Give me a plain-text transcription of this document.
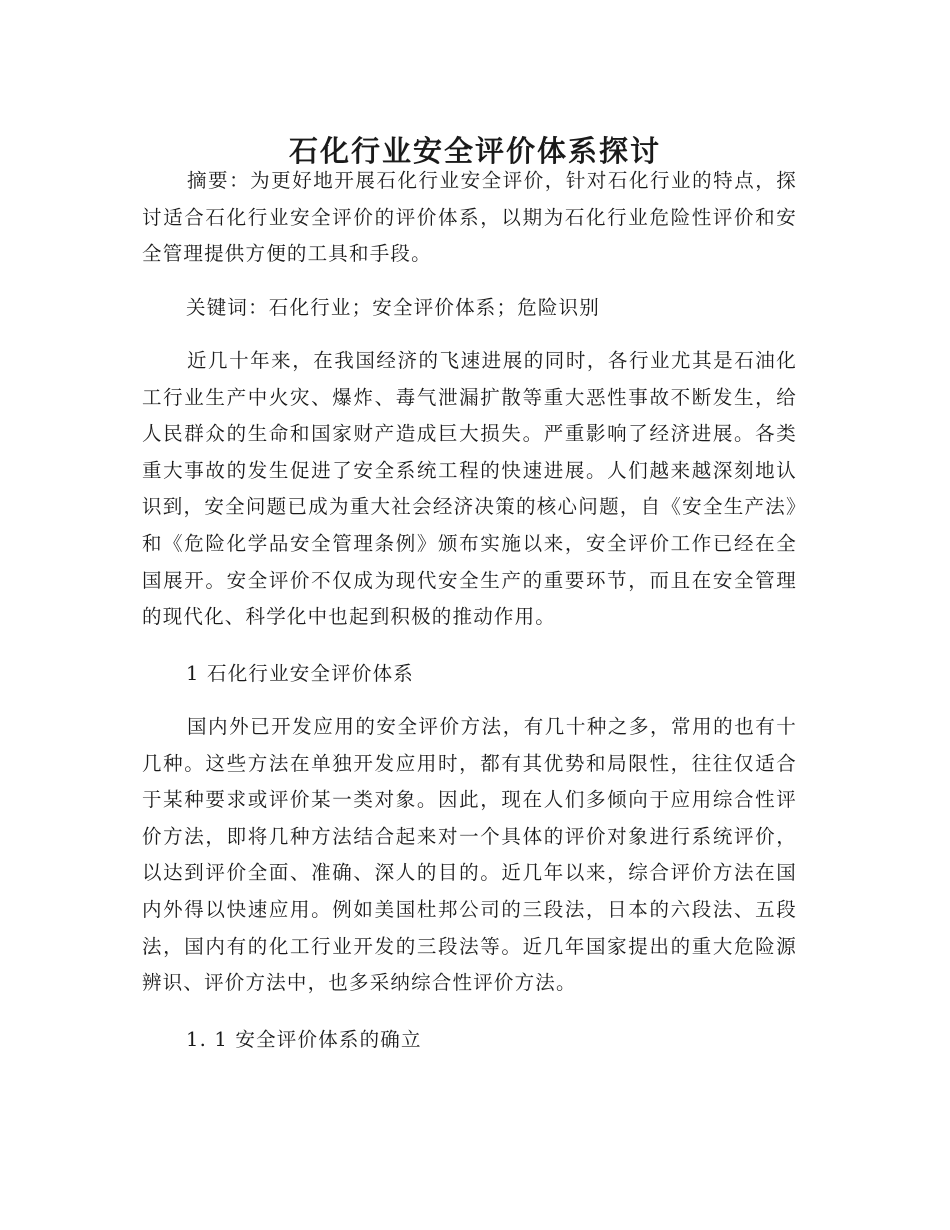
石化行业安全评价体系探讨

摘要：为更好地开展石化行业安全评价，针对石化行业的特点，探讨适合石化行业安全评价的评价体系，以期为石化行业危险性评价和安全管理提供方便的工具和手段。

关键词：石化行业；安全评价体系；危险识别

近几十年来，在我国经济的飞速进展的同时，各行业尤其是石油化工行业生产中火灾、爆炸、毒气泄漏扩散等重大恶性事故不断发生，给人民群众的生命和国家财产造成巨大损失。严重影响了经济进展。各类重大事故的发生促进了安全系统工程的快速进展。人们越来越深刻地认识到，安全问题已成为重大社会经济决策的核心问题，自《安全生产法》和《危险化学品安全管理条例》颁布实施以来，安全评价工作已经在全国展开。安全评价不仅成为现代安全生产的重要环节，而且在安全管理的现代化、科学化中也起到积极的推动作用。

1 石化行业安全评价体系

国内外已开发应用的安全评价方法，有几十种之多，常用的也有十几种。这些方法在单独开发应用时，都有其优势和局限性，往往仅适合于某种要求或评价某一类对象。因此，现在人们多倾向于应用综合性评价方法，即将几种方法结合起来对一个具体的评价对象进行系统评价，以达到评价全面、准确、深人的目的。近几年以来，综合评价方法在国内外得以快速应用。例如美国杜邦公司的三段法，日本的六段法、五段法，国内有的化工行业开发的三段法等。近几年国家提出的重大危险源辨识、评价方法中，也多采纳综合性评价方法。

1. 1 安全评价体系的确立
